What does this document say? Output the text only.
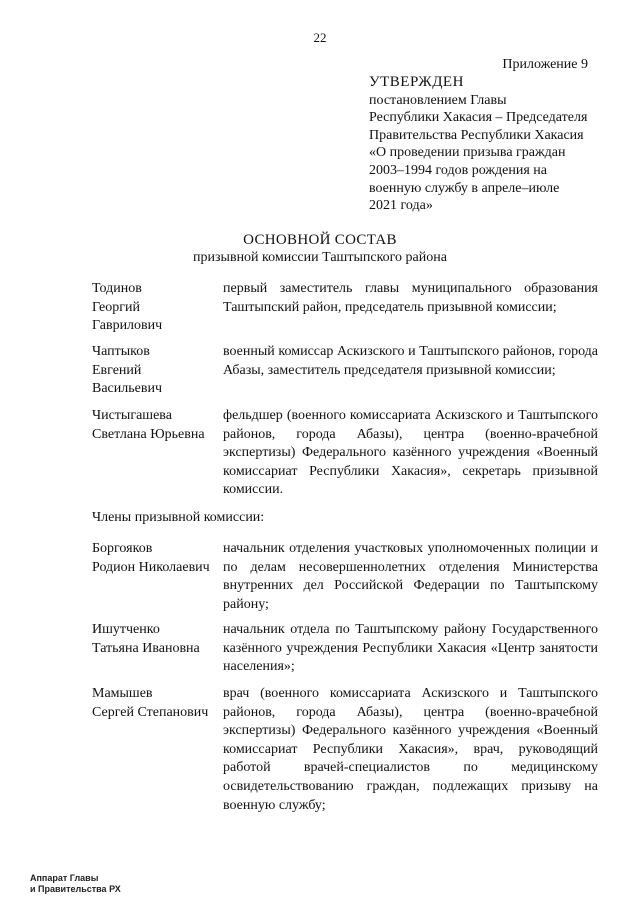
22
Приложение 9
УТВЕРЖДЕН
постановлением Главы
Республики Хакасия – Председателя
Правительства Республики Хакасия
«О проведении призыва граждан
2003–1994 годов рождения на
военную службу в апреле–июле
2021 года»
ОСНОВНОЙ СОСТАВ
призывной комиссии Таштыпского района
Тодинов
Георгий
Гаврилович
первый заместитель главы муниципального образования Таштыпский район, председатель призывной комиссии;
Чаптыков
Евгений
Васильевич
военный комиссар Аскизского и Таштыпского районов, города Абазы, заместитель председателя призывной комиссии;
Чистыгашева
Светлана Юрьевна
фельдшер (военного комиссариата Аскизского и Таштыпского районов, города Абазы), центра (военно-врачебной экспертизы) Федерального казённого учреждения «Военный комиссариат Республики Хакасия», секретарь призывной комиссии.
Члены призывной комиссии:
Боргояков
Родион Николаевич
начальник отделения участковых уполномоченных полиции и по делам несовершеннолетних отделения Министерства внутренних дел Российской Федерации по Таштыпскому району;
Ишутченко
Татьяна Ивановна
начальник отдела по Таштыпскому району Государственного казённого учреждения Республики Хакасия «Центр занятости населения»;
Мамышев
Сергей Степанович
врач (военного комиссариата Аскизского и Таштыпского районов, города Абазы), центра (военно-врачебной экспертизы) Федерального казённого учреждения «Военный комиссариат Республики Хакасия», врач, руководящий работой врачей-специалистов по медицинскому освидетельствованию граждан, подлежащих призыву на военную службу;
Аппарат Главы
и Правительства РХ
